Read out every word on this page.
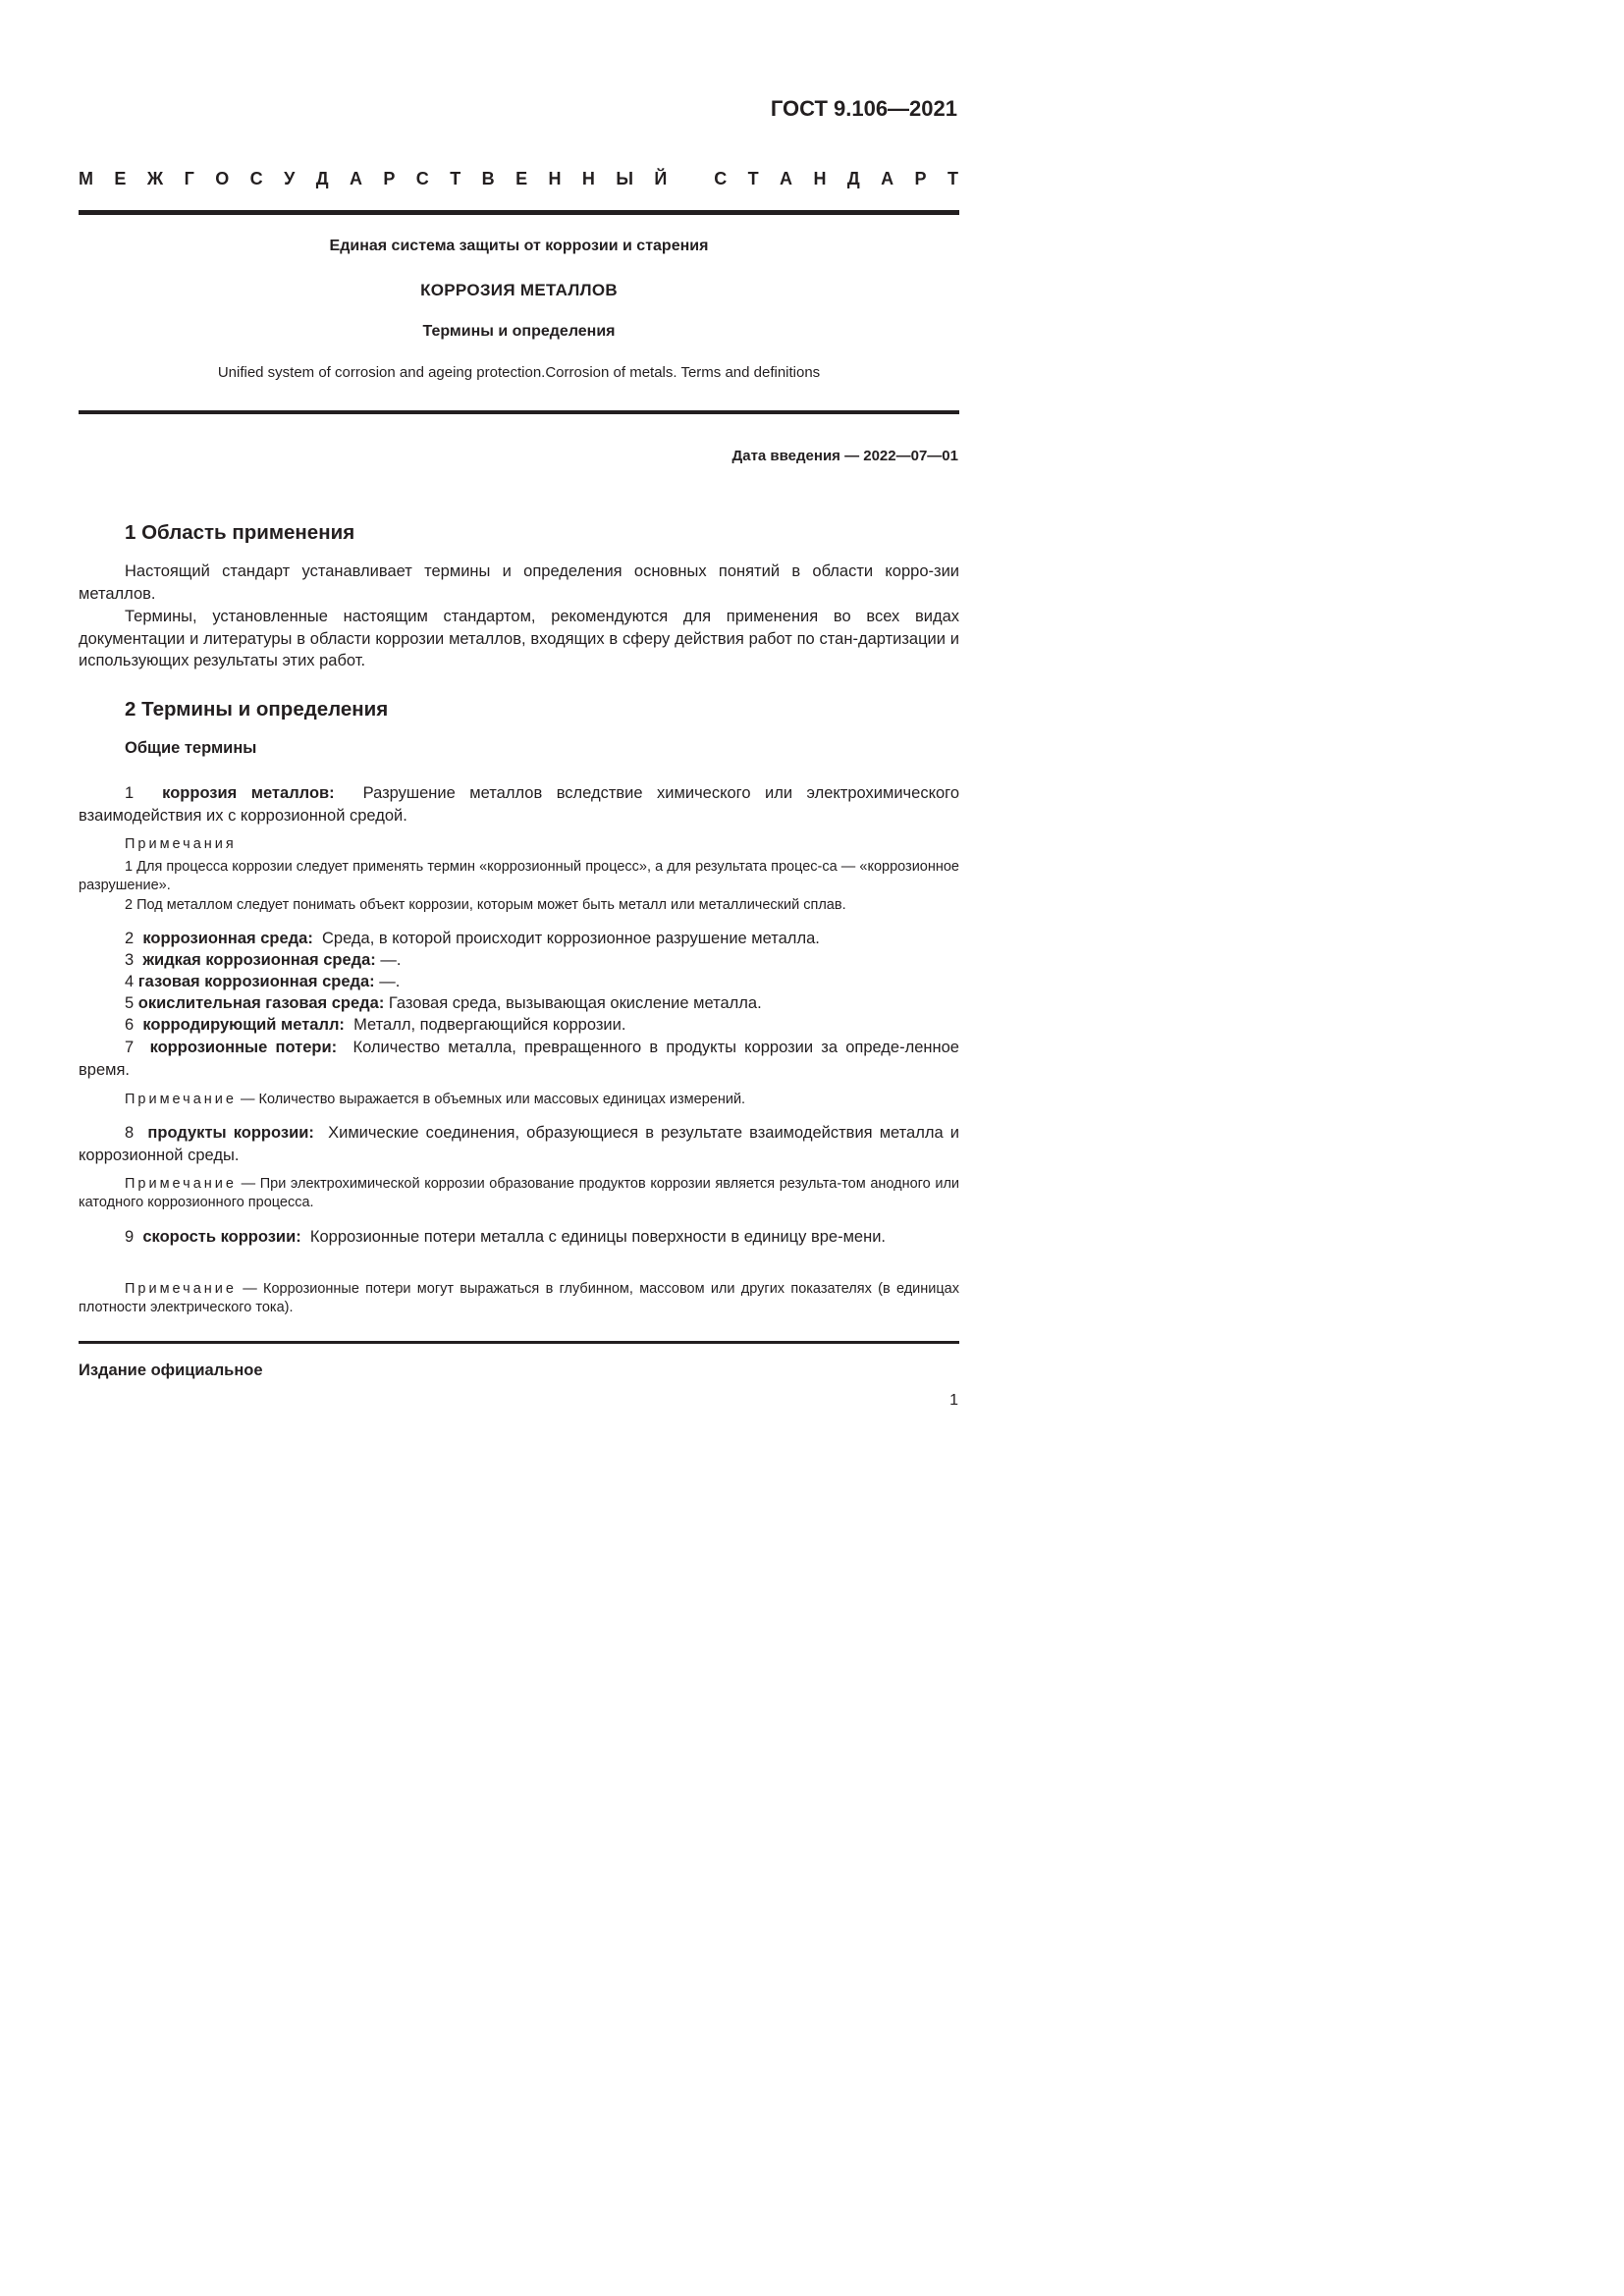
ГОСТ 9.106—2021
М Е Ж Г О С У Д А Р С Т В Е Н Н Ы Й
	С Т А Н Д А Р Т
Единая система защиты от коррозии и старения
КОРРОЗИЯ МЕТАЛЛОВ
Термины и определения
Unified system of corrosion and ageing protection.Corrosion of metals. Terms and definitions
Дата введения — 2022—07—01
1 Область применения

Настоящий стандарт устанавливает термины и определения основных понятий в области корро-зии металлов.

Термины, установленные настоящим стандартом, рекомендуются для применения во всех видах документации и литературы в области коррозии металлов, входящих в сферу действия работ по стан-дартизации и использующих результаты этих работ.

2 Термины и определения
Общие термины

1 коррозия металлов: Разрушение металлов вследствие химического или электрохимического взаимодействия их с коррозионной средой.

Примечания

1 Для процесса коррозии следует применять термин «коррозионный процесс», а для результата процес-са — «коррозионное разрушение».

2 Под металлом следует понимать объект коррозии, которым может быть металл или металлический сплав.

2 коррозионная среда: Среда, в которой происходит коррозионное разрушение металла.
3 жидкая коррозионная среда: —.
4 газовая коррозионная среда: —.
5 окислительная газовая среда: Газовая среда, вызывающая окисление металла.
6 корродирующий металл: Металл, подвергающийся коррозии.

7 коррозионные потери: Количество металла, превращенного в продукты коррозии за опреде-ленное время.

Примечание — Количество выражается в объемных или массовых единицах измерений.

8 продукты коррозии: Химические соединения, образующиеся в результате взаимодействия металла и коррозионной среды.

Примечание — При электрохимической коррозии образование продуктов коррозии является результа-том анодного или катодного коррозионного процесса.

9 скорость коррозии: Коррозионные потери металла с единицы поверхности в единицу вре-мени.

Примечание — Коррозионные потери могут выражаться в глубинном, массовом или других показателях (в единицах плотности электрического тока).

Издание официальное
1
